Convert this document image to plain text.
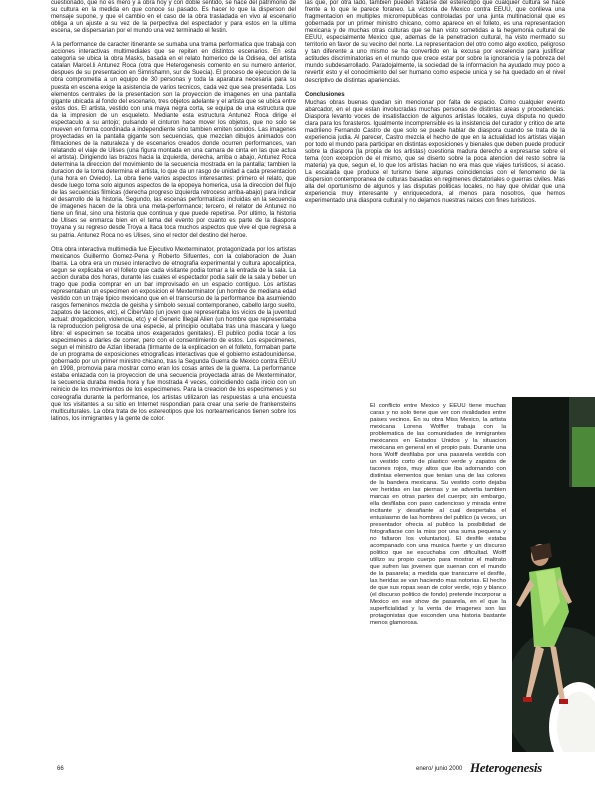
cuestionado, que no es mero y a obra hoy y con doble sentido, se hace del patrimonio de su cultura en la medida en que conoce su pasado. Es hacer lo que la disperson del mensaje supone, y que el cambio en el caso de la obra trasladada en vivo al escenario obliga a un ajuste a su vez de la perpectiva del espectador y para estos en la ultima escena, se dispersarian por el mundo una vez terminado el festin.

A la performance de caracter itinerante se sumaba una trama performatica que trabaja con acciones interactivas multimediales que se repiten en distintos escenarios. En esta categoria se ubica la obra Masks, basada en el relato homerico de la Odisea, del artista catalan Marcel.li Antunez Roca (otra que Heterogenesis comento en su numero anterior, despues de su presentacion en Simrishamn, sur de Suecia). El proceso de ejecucion de la obra comprometia a un equipo de 30 personas y toda la aparatura necesaria para su puesta en escena exige la asistencia de varios tecnicos, cada vez que sea presentada. Los elementos centrales de la presentacion son la proyeccion de imagenes en una pantalla gigante ubicada al fondo del escenario, tres objetos adelante y el artista que se ubica entre estos dos. El artista, vestido con una maya negra corta, se equipa de una estructura que da la impresion de un esqueleto. Mediante esta estructura Antunez Roca dirige el espectaculo a su antojo; pulsando el cinturon hace mover los objetos, que no solo se mueven en forma coordinada a independiente sino tambien emiten sonidos. Las imagenes proyectadas en la pantalla gigante son secuencias, que mezclan dibujos animados con filmaciones de la naturaleza y de escenarios creados donde ocurren performances, van relatando el viaje de Ulises (una figura montada en una camara de cinta en las que actua el artista). Dirigiendo las brazos hacia la izquierda, derecha, arriba o abajo, Antunez Roca determina la direccion del movimiento de la secuencia mostrada en la pantalla; tambien la duracion de la toma determina el artista, lo que da un rasgo de unidad a cada presentacion (una hora en Oviedo). La obra tiene varios aspectos interesantes: primero el relato, que desde luego toma solo algunos aspectos de la epopeya homerica, usa la direccion del flujo de las secuencias filmicas (derecha progreso izquierda retroceso arriba-abajo) para indicar el desarrollo de la historia. Segundo, las escenas performaticas incluidas en la secuencia de imagenes hacen de la obra una meta-performance; tercero, el relator de Antunez no tiene un final, sino una historia que continua y que puede repetirse. Por ultimo, la historia de Ulises se enmarca bien en el tema del evento por cuanto es parte de la diaspora troyana y su regreso desde Troya a Itaca toca muchos aspectos que vive el que regresa a su patria. Antunez Roca no es Ulises, sino el rector del destino del heroe.

Otra obra interactiva multimedia fue Ejecutivo Mexterminator, protagonizada por los artistas mexicanos Guillermo Gomez-Pena y Roberto Sifuentes, con la colaboracion de Juan Ibarra. La obra era un museo interactivo de etnografia experimental y cultura apocaliptica, segun se explicaba en el folleto que cada visitante podia tomar a la entrada de la sala. La accion duraba dos horas, durante las cuales el espectador podia salir de la sala y beber un trago que podia comprar en un bar improvisado en un espacio contiguo. Los artistas representaban un especimen en exposicion el Mexterminator (un hombre de mediana edad vestido con un traje tipico mexicano que en el transcurso de la performance iba asumiendo rasgos femeninos mezcla de geisha y simbolo sexual contemporaneo, cabello largo suelto, zapatos de tacones, etc), el CiberVato (un joven que representaba los vicios de la juventud actual: drogadiccion, violencia, etc) y el Generic Illegal Alien (un hombre que representaba la reproduccion peligrosa de una especie, al principio ocultaba tras una mascara y luego libre: el especimen se tocaba unos exagerados genitales). El publico podia tocar a los especimenes a darles de comer, pero con el consentimiento de estos. Los especimenes, segun el ministro de Azlan liberada (tirmante de la explicacion en el folleto, formaban parte de un programa de exposiciones etnograficas interactivas que el gobierno estadounidense, gobernado por un primer ministro chicano, tras la Segunda Guerra de Mexico contra EEUU en 1998, promovia para mostrar como eran los cosas antes de la guerra. La performance estaba enlazada con la proyeccion de una secuencia proyectada atras de Mexterminator, la secuencia duraba media hora y fue mostrada 4 veces, coincidiendo cada inicio con un reinicio de los movimientos de los especimenes. Para la creacion de los especimenes y su coreografia durante la performance, los artistas utilizaron las respuestas a una encuesta que los visitantes a su sitio en Internet respondian para crear una serie de frankensteins multiculturales. La obra trata de los estereotipos que los norteamericanos tienen sobre los latinos, los inmigrantes y la gente de color.

las que, por otra lado, tambien pueden tratarse del estereotipo que cualquier cultura se hace frente a lo que le parece foraneo. La victoria de Mexico contra EEUU, que conlleva una fragmentacion en multiples microrrepublicas controladas por una junta multinacional que es gobernada por un primer ministro chicano, como aparece en el folleto, es una representacion mexicana y de muchas otras culturas que se han visto sometidas a la hegemonia cultural de EEUU, especialmente Mexico que, ademas de la penetracion cultural, ha visto mermado su territorio en favor de su vecino del norte. La representacion del otro como algo exotico, peligroso y tan diferente a uno mismo se ha convertido en la excusa por excelencia para justificar actitudes discriminatorias en el mundo que crece estar por sobre la ignorancia y la pobreza del mundo subdesarrollado. Paradojalmente, la sociedad de la informacion ha ayudado muy poco a revertir esto y el conocimiento del ser humano como especie unica y se ha quedado en el nivel descriptivo de distintas apariencias.

Conclusiones

Muchas obras buenas quedan sin mencionar por falta de espacio. Como cualquier evento abarcador, en el que estan involucradas muchas personas de distintas areas y procedencias. Diaspora levanto voces de insatisfaccion de algunos artistas locales, cuya disputa no quedo clara para los forasteros. Igualmente incomprensible es la insistencia del curador y critico de arte madrileno Fernando Castro de que solo se puede hablar de diaspora cuando se trata de la experiencia judia. Al parecer, Castro mezcla el hecho de que en la actualidad los artistas viajan por todo el mundo para participar en distintas exposiciones y bienales que deben puede producir sobre la diaspora (la propia de los artistas) cuestiona madura derecho a expresarse sobre el tema (con excepcion de el mismo, que se diserto sobre la poca atencion del resto sobre la materia) ya que, segun el, lo que los artistas hacian no era mas que viajes turisticos, si acaso. La escalada que produce el turismo tiene algunas coincidencias con el fenomeno de la dispersion contemporanea de culturas basadas en regimenes dictatoriales o guerras civiles. Mas alla del oportunismo de algunos y las disputas politicas locales, no hay que olvidar que una experiencia muy interesante y enriquecedora, al menos para nosotros, que hemos experimentado una diaspora cultural y no dejamos nuestras raices con fines turisticos.

El conflicto entre Mexico y EEUU tiene muchas caras y no solo tiene que ver con rivalidades entre paises vecinos. En su obra Miss Mexico, la artista mexicana Lorena Wolffer trabaja con la problematica de las comunidades de inmigrantes mexicanos en Estados Unidos y la situacion mexicana en general en el propio pais. Durante una hora Wolff desfilaba por una pasarela vestida con un vestido corto de plastico verde y zapatos de tacones rojos, muy altos que iba adornando con distintas elementos que tenian una de las colores de la bandera mexicana. Su vestido corto dejaba ver heridas en las piernas y se advertia tambien marcas en otras partes del cuerpo; sin embargo, ella desfilaba con paso cadencioso y mirada entre incitante y desafiante al cual despertaba el entusiasmo de las hombres del publico (a veces, un presentador ofrecia al publico la posibilidad de fotografiarse con la miss por una suma pequena y no faltaron los voluntarios). El desfile estaba acompanado con una musica fuerte y un discurso politico que se escuchaba con dificultad. Wolff utilizo su propio cuerpo para mostrar el maltrato que sufren las jovenes que suenan con el mundo de la pasarela; a medida que transcurre el desfile, las heridas se van haciendo mas notorias. El hecho de que sus ropas sean de color verde, rojo y blanco (el discurso politico de fondo) pretende incorporar a Mexico en ese show de pasarela, en el que la superficialidad y la venta de imagenes son las protagonistas que esconden una historia bastante menos glamorosa.

66	enero/ junio 2000 Heterogenesis
